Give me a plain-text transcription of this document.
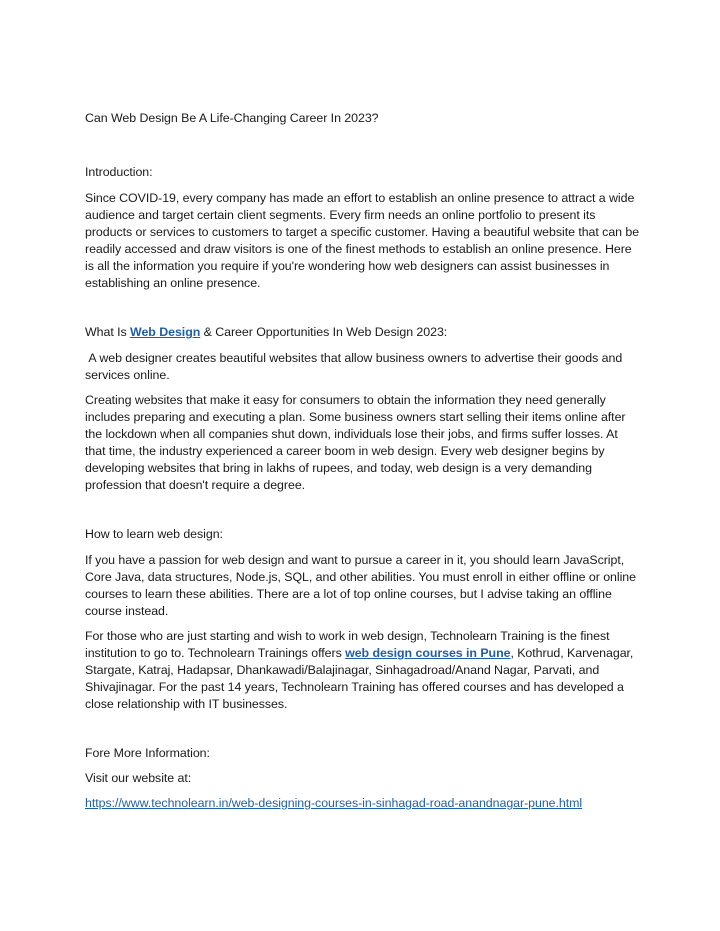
Can Web Design Be A Life-Changing Career In 2023?

Introduction:

Since COVID-19, every company has made an effort to establish an online presence to attract a wide audience and target certain client segments. Every firm needs an online portfolio to present its products or services to customers to target a specific customer. Having a beautiful website that can be readily accessed and draw visitors is one of the finest methods to establish an online presence. Here is all the information you require if you're wondering how web designers can assist businesses in establishing an online presence.

What Is Web Design & Career Opportunities In Web Design 2023:

A web designer creates beautiful websites that allow business owners to advertise their goods and services online.

Creating websites that make it easy for consumers to obtain the information they need generally includes preparing and executing a plan. Some business owners start selling their items online after the lockdown when all companies shut down, individuals lose their jobs, and firms suffer losses. At that time, the industry experienced a career boom in web design. Every web designer begins by developing websites that bring in lakhs of rupees, and today, web design is a very demanding profession that doesn't require a degree.

How to learn web design:

If you have a passion for web design and want to pursue a career in it, you should learn JavaScript, Core Java, data structures, Node.js, SQL, and other abilities. You must enroll in either offline or online courses to learn these abilities. There are a lot of top online courses, but I advise taking an offline course instead.

For those who are just starting and wish to work in web design, Technolearn Training is the finest institution to go to. Technolearn Trainings offers web design courses in Pune, Kothrud, Karvenagar, Stargate, Katraj, Hadapsar, Dhankawadi/Balajinagar, Sinhagadroad/Anand Nagar, Parvati, and Shivajinagar. For the past 14 years, Technolearn Training has offered courses and has developed a close relationship with IT businesses.

Fore More Information:

Visit our website at:

https://www.technolearn.in/web-designing-courses-in-sinhagad-road-anandnagar-pune.html
